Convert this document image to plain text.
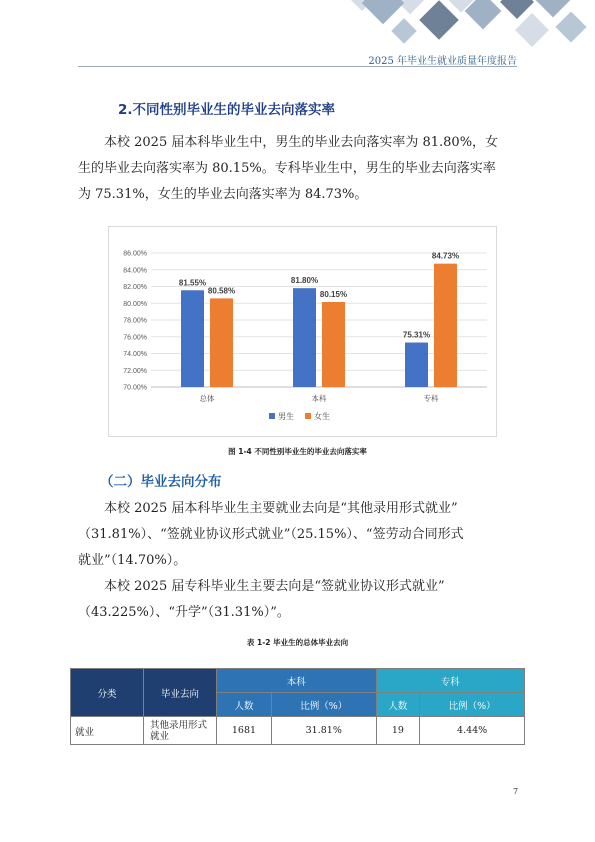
2025 年毕业生就业质量年度报告
2.不同性别毕业生的毕业去向落实率
本校 2025 届本科毕业生中，男生的毕业去向落实率为 81.80%，女
生的毕业去向落实率为 80.15%。专科毕业生中，男生的毕业去向落实率
为 75.31%，女生的毕业去向落实率为 84.73%。
70.00%
72.00%
74.00%
76.00%
78.00%
80.00%
82.00%
84.00%
86.00%
总体
81.55%
80.58%
本科
81.80%
80.15%
专科
75.31%
84.73%
男生	女生
图 1-4 不同性别毕业生的毕业去向落实率
（二）毕业去向分布
本校 2025 届本科毕业生主要就业去向是“其他录用形式就业”
（31.81%）、“签就业协议形式就业”（25.15%）、“签劳动合同形式
就业”（14.70%）。
本校 2025 届专科毕业生主要去向是“签就业协议形式就业”
（43.225%）、“升学”（31.31%）”。
表 1-2 毕业生的总体毕业去向
分类	毕业去向	本科		专科	
		人数	比例（%）	人数	比例（%）
就业	其他录用形式就业	1681	31.81%	19	4.44%
7
